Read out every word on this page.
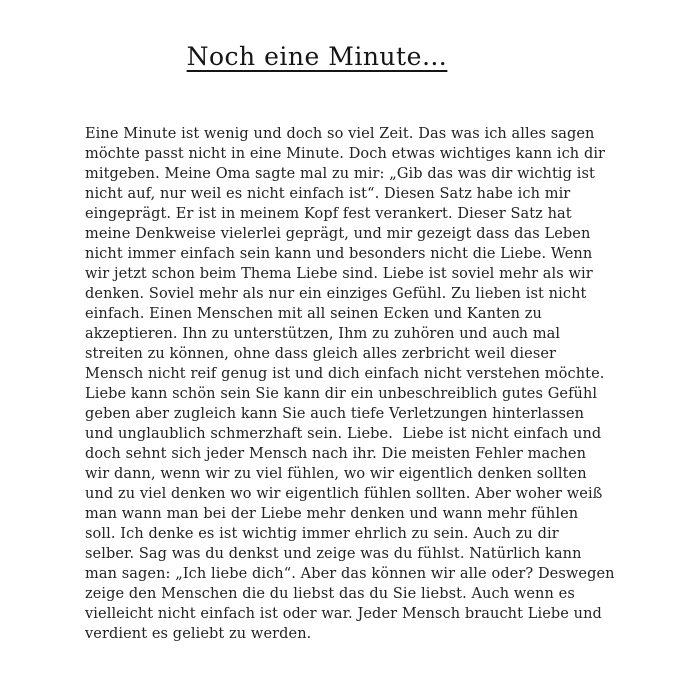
Noch eine Minute…
Eine Minute ist wenig und doch so viel Zeit. Das was ich alles sagen
möchte passt nicht in eine Minute. Doch etwas wichtiges kann ich dir
mitgeben. Meine Oma sagte mal zu mir: „Gib das was dir wichtig ist
nicht auf, nur weil es nicht einfach ist“. Diesen Satz habe ich mir
eingeprägt. Er ist in meinem Kopf fest verankert. Dieser Satz hat
meine Denkweise vielerlei geprägt, und mir gezeigt dass das Leben
nicht immer einfach sein kann und besonders nicht die Liebe. Wenn
wir jetzt schon beim Thema Liebe sind. Liebe ist soviel mehr als wir
denken. Soviel mehr als nur ein einziges Gefühl. Zu lieben ist nicht
einfach. Einen Menschen mit all seinen Ecken und Kanten zu
akzeptieren. Ihn zu unterstützen, Ihm zu zuhören und auch mal
streiten zu können, ohne dass gleich alles zerbricht weil dieser
Mensch nicht reif genug ist und dich einfach nicht verstehen möchte.
Liebe kann schön sein Sie kann dir ein unbeschreiblich gutes Gefühl
geben aber zugleich kann Sie auch tiefe Verletzungen hinterlassen
und unglaublich schmerzhaft sein. Liebe.  Liebe ist nicht einfach und
doch sehnt sich jeder Mensch nach ihr. Die meisten Fehler machen
wir dann, wenn wir zu viel fühlen, wo wir eigentlich denken sollten
und zu viel denken wo wir eigentlich fühlen sollten. Aber woher weiß
man wann man bei der Liebe mehr denken und wann mehr fühlen
soll. Ich denke es ist wichtig immer ehrlich zu sein. Auch zu dir
selber. Sag was du denkst und zeige was du fühlst. Natürlich kann
man sagen: „Ich liebe dich“. Aber das können wir alle oder? Deswegen
zeige den Menschen die du liebst das du Sie liebst. Auch wenn es
vielleicht nicht einfach ist oder war. Jeder Mensch braucht Liebe und
verdient es geliebt zu werden.
